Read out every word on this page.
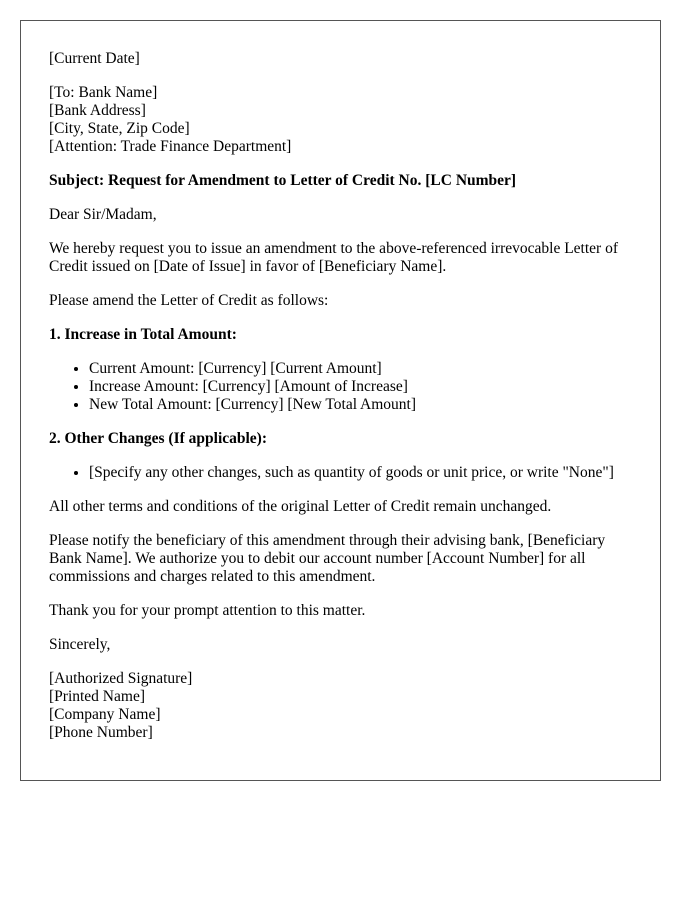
[Current Date]

[To: Bank Name]
[Bank Address]
[City, State, Zip Code]
[Attention: Trade Finance Department]

Subject: Request for Amendment to Letter of Credit No. [LC Number]

Dear Sir/Madam,

We hereby request you to issue an amendment to the above-referenced irrevocable Letter of Credit issued on [Date of Issue] in favor of [Beneficiary Name].

Please amend the Letter of Credit as follows:

1. Increase in Total Amount:

• Current Amount: [Currency] [Current Amount]
• Increase Amount: [Currency] [Amount of Increase]
• New Total Amount: [Currency] [New Total Amount]

2. Other Changes (If applicable):

• [Specify any other changes, such as quantity of goods or unit price, or write "None"]

All other terms and conditions of the original Letter of Credit remain unchanged.

Please notify the beneficiary of this amendment through their advising bank, [Beneficiary Bank Name]. We authorize you to debit our account number [Account Number] for all commissions and charges related to this amendment.

Thank you for your prompt attention to this matter.

Sincerely,

[Authorized Signature]
[Printed Name]
[Company Name]
[Phone Number]
